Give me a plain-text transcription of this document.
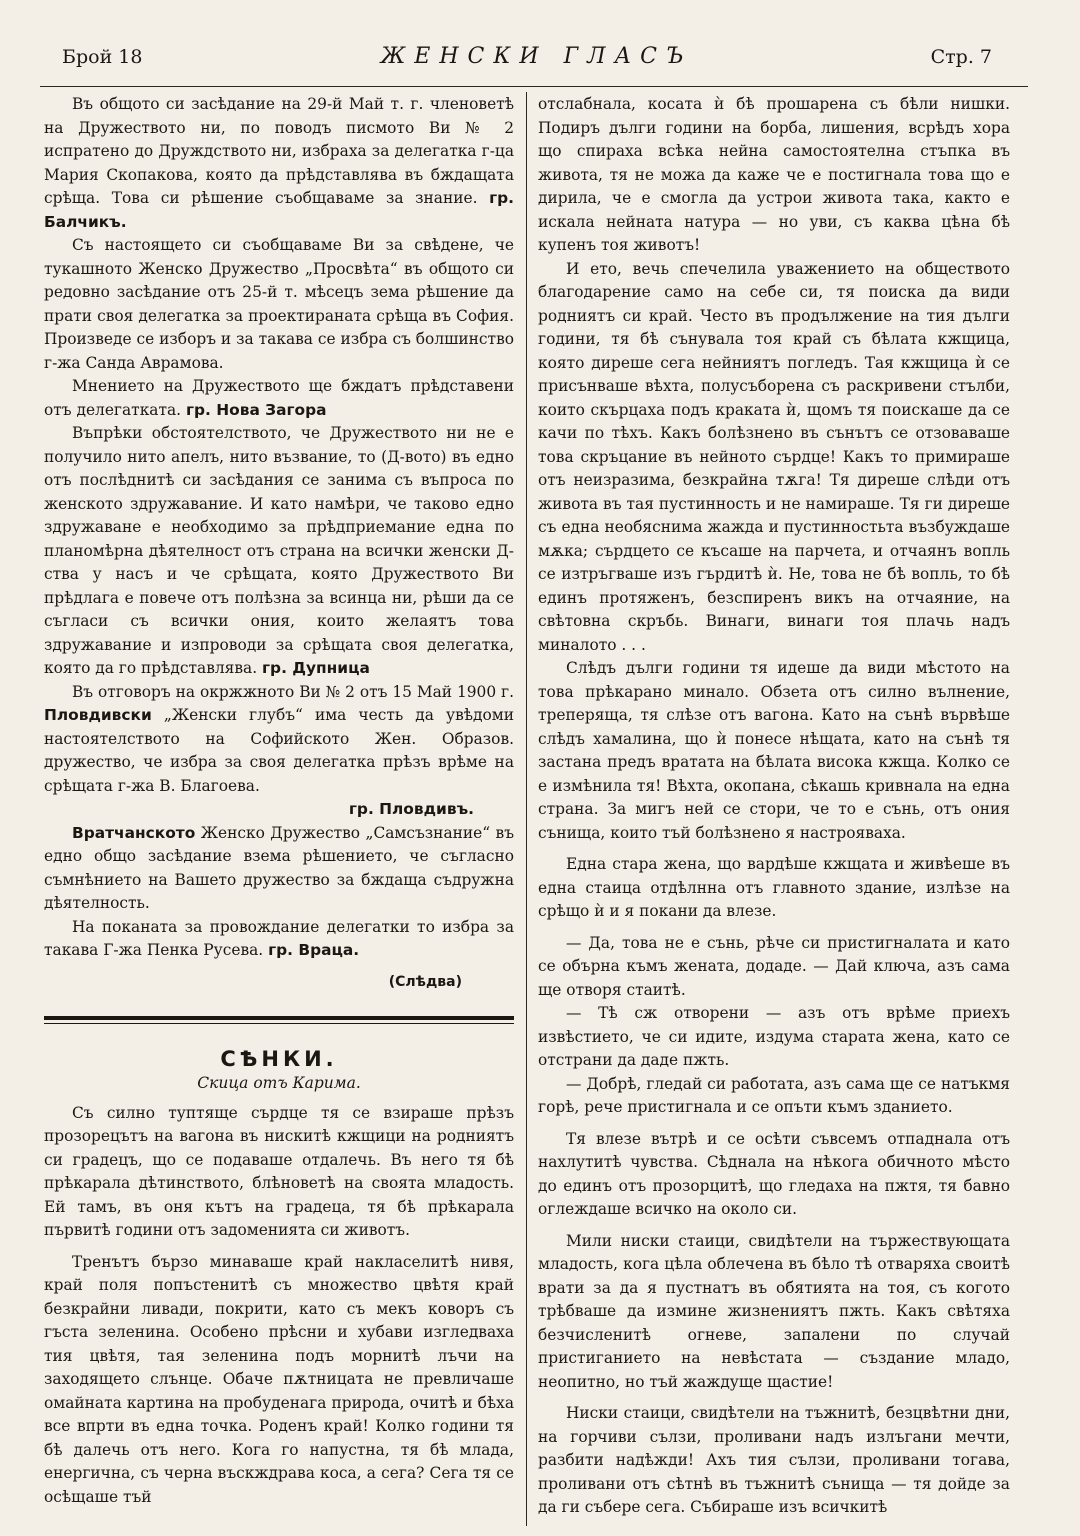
Брой 18	ЖЕНСКИ ГЛАСЪ	Стр. 7

Въ общото си засѣдание на 29-й Май т. г. членоветѣ на Дружеството ни, по поводъ писмото Ви № 2 испратено до Друждството ни, избраха за делегатка г-ца Мария Скопакова, която да прѣдставлява въ бждащата срѣща. Това си рѣшение съобщаваме за знание. гр. Балчикъ.

Съ настоящето си съобщаваме Ви за свѣдене, че тукашното Женско Дружество „Просвѣта“ въ общото си редовно засѣдание отъ 25-й т. мѣсецъ зема рѣшение да прати своя делегатка за проектираната срѣща въ София. Произведе се изборъ и за такава се избра съ болшинство г-жа Санда Аврамова.

Мнението на Дружеството ще бждатъ прѣдставени отъ делегатката. гр. Нова Загора

Въпрѣки обстоятелството, че Дружеството ни не е получило нито апелъ, нито възвание, то (Д-вото) въ едно отъ послѣднитѣ си засѣдания се занима съ въпроса по женското здружавание. И като намѣри, че таково едно здружаване е необходимо за прѣдприемание една по планомѣрна дѣятелност отъ страна на всички женски Д-ства у насъ и че срѣщата, която Дружеството Ви прѣдлага е повече отъ полѣзна за всинца ни, рѣши да се съгласи съ всички ония, които желаятъ това здружавание и изпроводи за срѣщата своя делегатка, която да го прѣдставлява. гр. Дупница

Въ отговоръ на окржжното Ви № 2 отъ 15 Май 1900 г. Пловдивски „Женски глубъ“ има честь да увѣдоми настоятелството на Софийското Жен. Образов. дружество, че избра за своя делегатка прѣзъ врѣме на срѣщата г-жа В. Благоева.

гр. Пловдивъ.

Вратчанското Женско Дружество „Самсъзнание“ въ едно общо засѣдание взема рѣшението, че съгласно съмнѣнието на Вашето дружество за бждаща съдружна дѣятелность.

На поканата за провождание делегатки то избра за такава Г-жа Пенка Русева. гр. Враца.

(Слѣдва)

СѢНКИ.

Скица отъ Карима.

Съ силно туптяще сърдце тя се взираше прѣзъ прозорецътъ на вагона въ нискитѣ кжщици на родниятъ си градецъ, що се подаваше отдалечь. Въ него тя бѣ прѣкарала дѣтинството, блѣноветѣ на своята младость. Ей тамъ, въ оня кътъ на градеца, тя бѣ прѣкарала първитѣ години отъ задоменията си животъ.

Тренътъ бързо минаваше край накласелитѣ нивя, край поля попъстенитѣ съ множество цвѣтя край безкрайни ливади, покрити, като съ мекъ коворъ съ гъста зеленина. Особено прѣсни и хубави изгледваха тия цвѣтя, тая зеленина подъ морнитѣ лъчи на заходящето слънце. Обаче пѫтницата не превличаше омайната картина на пробуденага природа, очитѣ и бѣха все впрти въ една точка. Роденъ край! Колко години тя бѣ далечь отъ него. Кога го напустна, тя бѣ млада, енергична, съ черна въскждрава коса, а сега? Сега тя се осѣщаше тъй

отслабнала, косата ѝ бѣ прошарена съ бѣли нишки. Подиръ дълги години на борба, лишения, всрѣдъ хора що спираха всѣка нейна самостоятелна стъпка въ живота, тя не можа да каже че е постигнала това що е дирила, че е смогла да устрои живота така, както е искала нейната натура — но уви, съ каква цѣна бѣ купенъ тоя животъ!

И ето, вечь спечелила уважението на обществото благодарение само на себе си, тя поиска да види родниятъ си край. Често въ продължение на тия дълги години, тя бѣ сънувала тоя край съ бѣлата кжщица, която диреше сега нейниятъ погледъ. Тая кжщица ѝ се присънваше вѣхта, полусъборена съ раскривени стълби, които скърцаха подъ краката ѝ, щомъ тя поискаше да се качи по тѣхъ. Какъ болѣзнено въ сънътъ се отзоваваше това скръцание въ нейното сърдце! Какъ то примираше отъ неизразима, безкрайна тѫга! Тя диреше слѣди отъ живота въ тая пустинность и не намираше. Тя ги диреше съ една необяснима жажда и пустинностьта възбуждаше мѫка; сърдцето се късаше на парчета, и отчаянъ вопль се изтръгваше изъ гърдитѣ ѝ. Не, това не бѣ вопль, то бѣ единъ протяженъ, безспиренъ викъ на отчаяние, на свѣтовна скръбь. Винаги, винаги тоя плачь надъ миналото . . .

Слѣдъ дълги години тя идеше да види мѣстото на това прѣкарано минало. Обзета отъ силно вълнение, треперяща, тя слѣзе отъ вагона. Като на сънѣ вървѣше слѣдъ хамалина, що ѝ понесе нѣщата, като на сънѣ тя застана предъ вратата на бѣлата висока кжща. Колко се е измѣнила тя! Вѣхта, окопана, сѣкашь кривнала на една страна. За мигъ ней се стори, че то е сънь, отъ ония сънища, които тъй болѣзнено я настрояваха.

Една стара жена, що вардѣше кжщата и живѣеше въ една стаица отдѣлнна отъ главното здание, излѣзе на срѣщо ѝ и я покани да влезе.

— Да, това не е сънь, рѣче си пристигналата и като се обърна къмъ жената, додаде. — Дай ключа, азъ сама ще отворя стаитѣ.

— Тѣ сж отворени — азъ отъ врѣме приехъ извѣстието, че си идите, издума старата жена, като се отстрани да даде пжть.

— Добрѣ, гледай си работата, азъ сама ще се натъкмя горѣ, рече пристигнала и се опъти къмъ зданието.

Тя влезе вътрѣ и се осѣти съвсемъ отпаднала отъ нахлутитѣ чувства. Сѣднала на нѣкога обичното мѣсто до единъ отъ прозорцитѣ, що гледаха на пжтя, тя бавно оглеждаше всичко на около си.

Мили ниски стаици, свидѣтели на тържествующата младость, кога цѣла облечена въ бѣло тѣ отваряха своитѣ врати за да я пустнатъ въ обятията на тоя, съ когото трѣбваше да измине жизнениятъ пжть. Какъ свѣтяха безчисленитѣ огневе, запалени по случай пристиганието на невѣстата — създание младо, неопитно, но тъй жаждуще щастие!

Ниски стаици, свидѣтели на тъжнитѣ, безцвѣтни дни, на горчиви сълзи, проливани надъ излъгани мечти, разбити надѣжди! Ахъ тия сълзи, проливани тогава, проливани отъ сѣтнѣ въ тъжнитѣ сънища — тя дойде за да ги събере сега. Събираше изъ всичкитѣ
